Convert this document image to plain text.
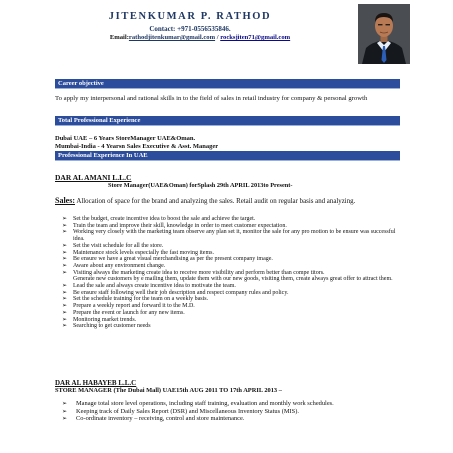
JITENKUMAR P. RATHOD
Contact: +971-0556535846.
Email:rathodjitenkumar@gmail.com / rocksjiten71@gmail.com
Career objective
To apply my interpersonal and rational skills in to the field of sales in retail industry for company & personal growth
Total Professional Experience
Dubai UAE – 6 Years StoreManager UAE&Oman.
Mumbai-India - 4 Yearsn Sales Executive & Asst. Manager
Professional Experience In UAE
DAR AL AMANI L.L.C
Store Manager(UAE&Oman) forSplash 29th APRIL 2013to Present-
Sales: Allocation of space for the brand and analyzing the sales. Retail audit on regular basis and analyzing.
➢ Set the budget, create incentive idea to boost the sale and achieve the target.
➢ Train the team and improve their skill, knowledge in order to meet customer expectation.
➢ Working very closely with the marketing team observe any plan set it, monitor the sale for any pro motion to be ensure was successful idea.
➢ Set the visit schedule for all the store.
➢ Maintenance stock levels especially the fast moving items.
➢ Be ensure we have a great visual merchandising as per the present company image.
➢ Aware about any environment change.
➢ Visiting always the marketing create idea to receive more visibility and perform better than compe titors.
Generate new customers by e mailing them, update them with our new goods, visiting them, create always great offer to attract them.
➢ Lead the sale and always create incentive idea to motivate the team.
➢ Be ensure staff following well their job description and respect company rules and policy.
➢ Set the schedule training for the team on a weekly basis.
➢ Prepare a weekly report and forward it to the M.D.
➢ Prepare the event or launch for any new items.
➢ Monitoring market trends.
➢ Searching to get customer needs
DAR AL HABAYEB L.L.C
STORE MANAGER (The Dubai Mall) UAE15th AUG 2011 TO 17th APRIL 2013 –
➢ Manage total store level operations, including staff training, evaluation and monthly work schedules.
➢ Keeping track of Daily Sales Report (DSR) and Miscellaneous Inventory Status (MIS).
➢ Co-ordinate inventory – receiving, control and store maintenance.
